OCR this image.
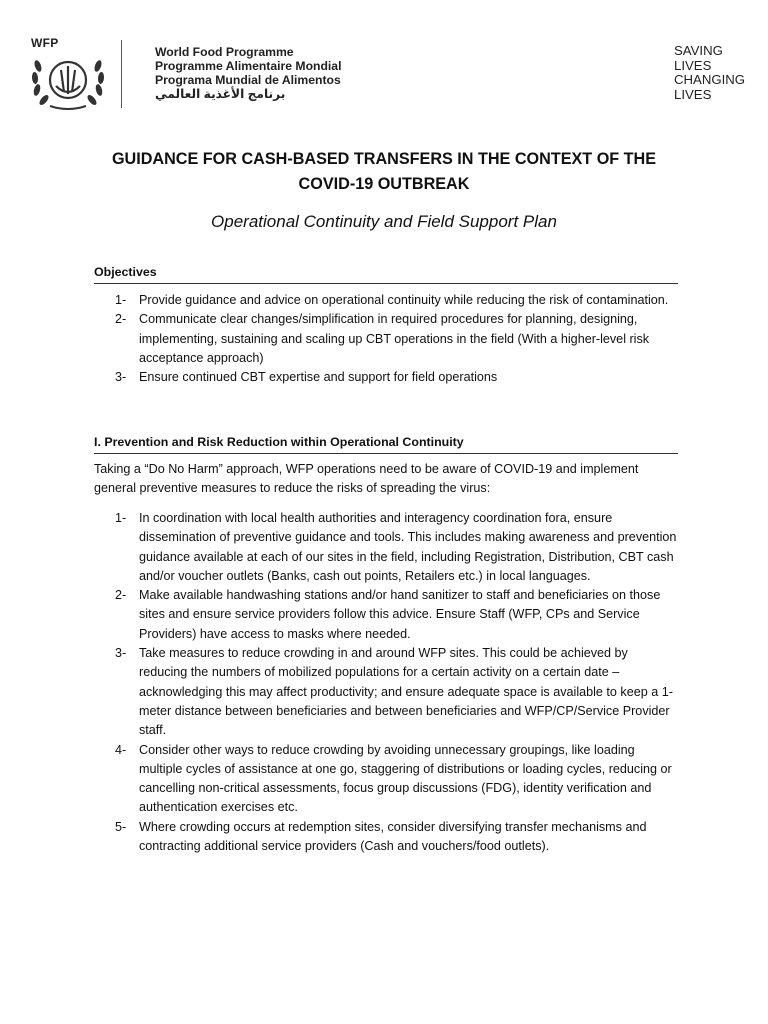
WFP
World Food Programme
Programme Alimentaire Mondial
Programa Mundial de Alimentos
برنامج الأغذية العالمي
SAVING
LIVES
CHANGING
LIVES
GUIDANCE FOR CASH-BASED TRANSFERS IN THE CONTEXT OF THE
COVID-19 OUTBREAK
Operational Continuity and Field Support Plan
Objectives
1- Provide guidance and advice on operational continuity while reducing the risk of contamination.
2- Communicate clear changes/simplification in required procedures for planning, designing, implementing, sustaining and scaling up CBT operations in the field (With a higher-level risk acceptance approach)
3- Ensure continued CBT expertise and support for field operations
I. Prevention and Risk Reduction within Operational Continuity
Taking a “Do No Harm” approach, WFP operations need to be aware of COVID-19 and implement general preventive measures to reduce the risks of spreading the virus:
1- In coordination with local health authorities and interagency coordination fora, ensure dissemination of preventive guidance and tools. This includes making awareness and prevention guidance available at each of our sites in the field, including Registration, Distribution, CBT cash and/or voucher outlets (Banks, cash out points, Retailers etc.) in local languages.
2- Make available handwashing stations and/or hand sanitizer to staff and beneficiaries on those sites and ensure service providers follow this advice. Ensure Staff (WFP, CPs and Service Providers) have access to masks where needed.
3- Take measures to reduce crowding in and around WFP sites. This could be achieved by reducing the numbers of mobilized populations for a certain activity on a certain date – acknowledging this may affect productivity; and ensure adequate space is available to keep a 1-meter distance between beneficiaries and between beneficiaries and WFP/CP/Service Provider staff.
4- Consider other ways to reduce crowding by avoiding unnecessary groupings, like loading multiple cycles of assistance at one go, staggering of distributions or loading cycles, reducing or cancelling non-critical assessments, focus group discussions (FDG), identity verification and authentication exercises etc.
5- Where crowding occurs at redemption sites, consider diversifying transfer mechanisms and contracting additional service providers (Cash and vouchers/food outlets).
